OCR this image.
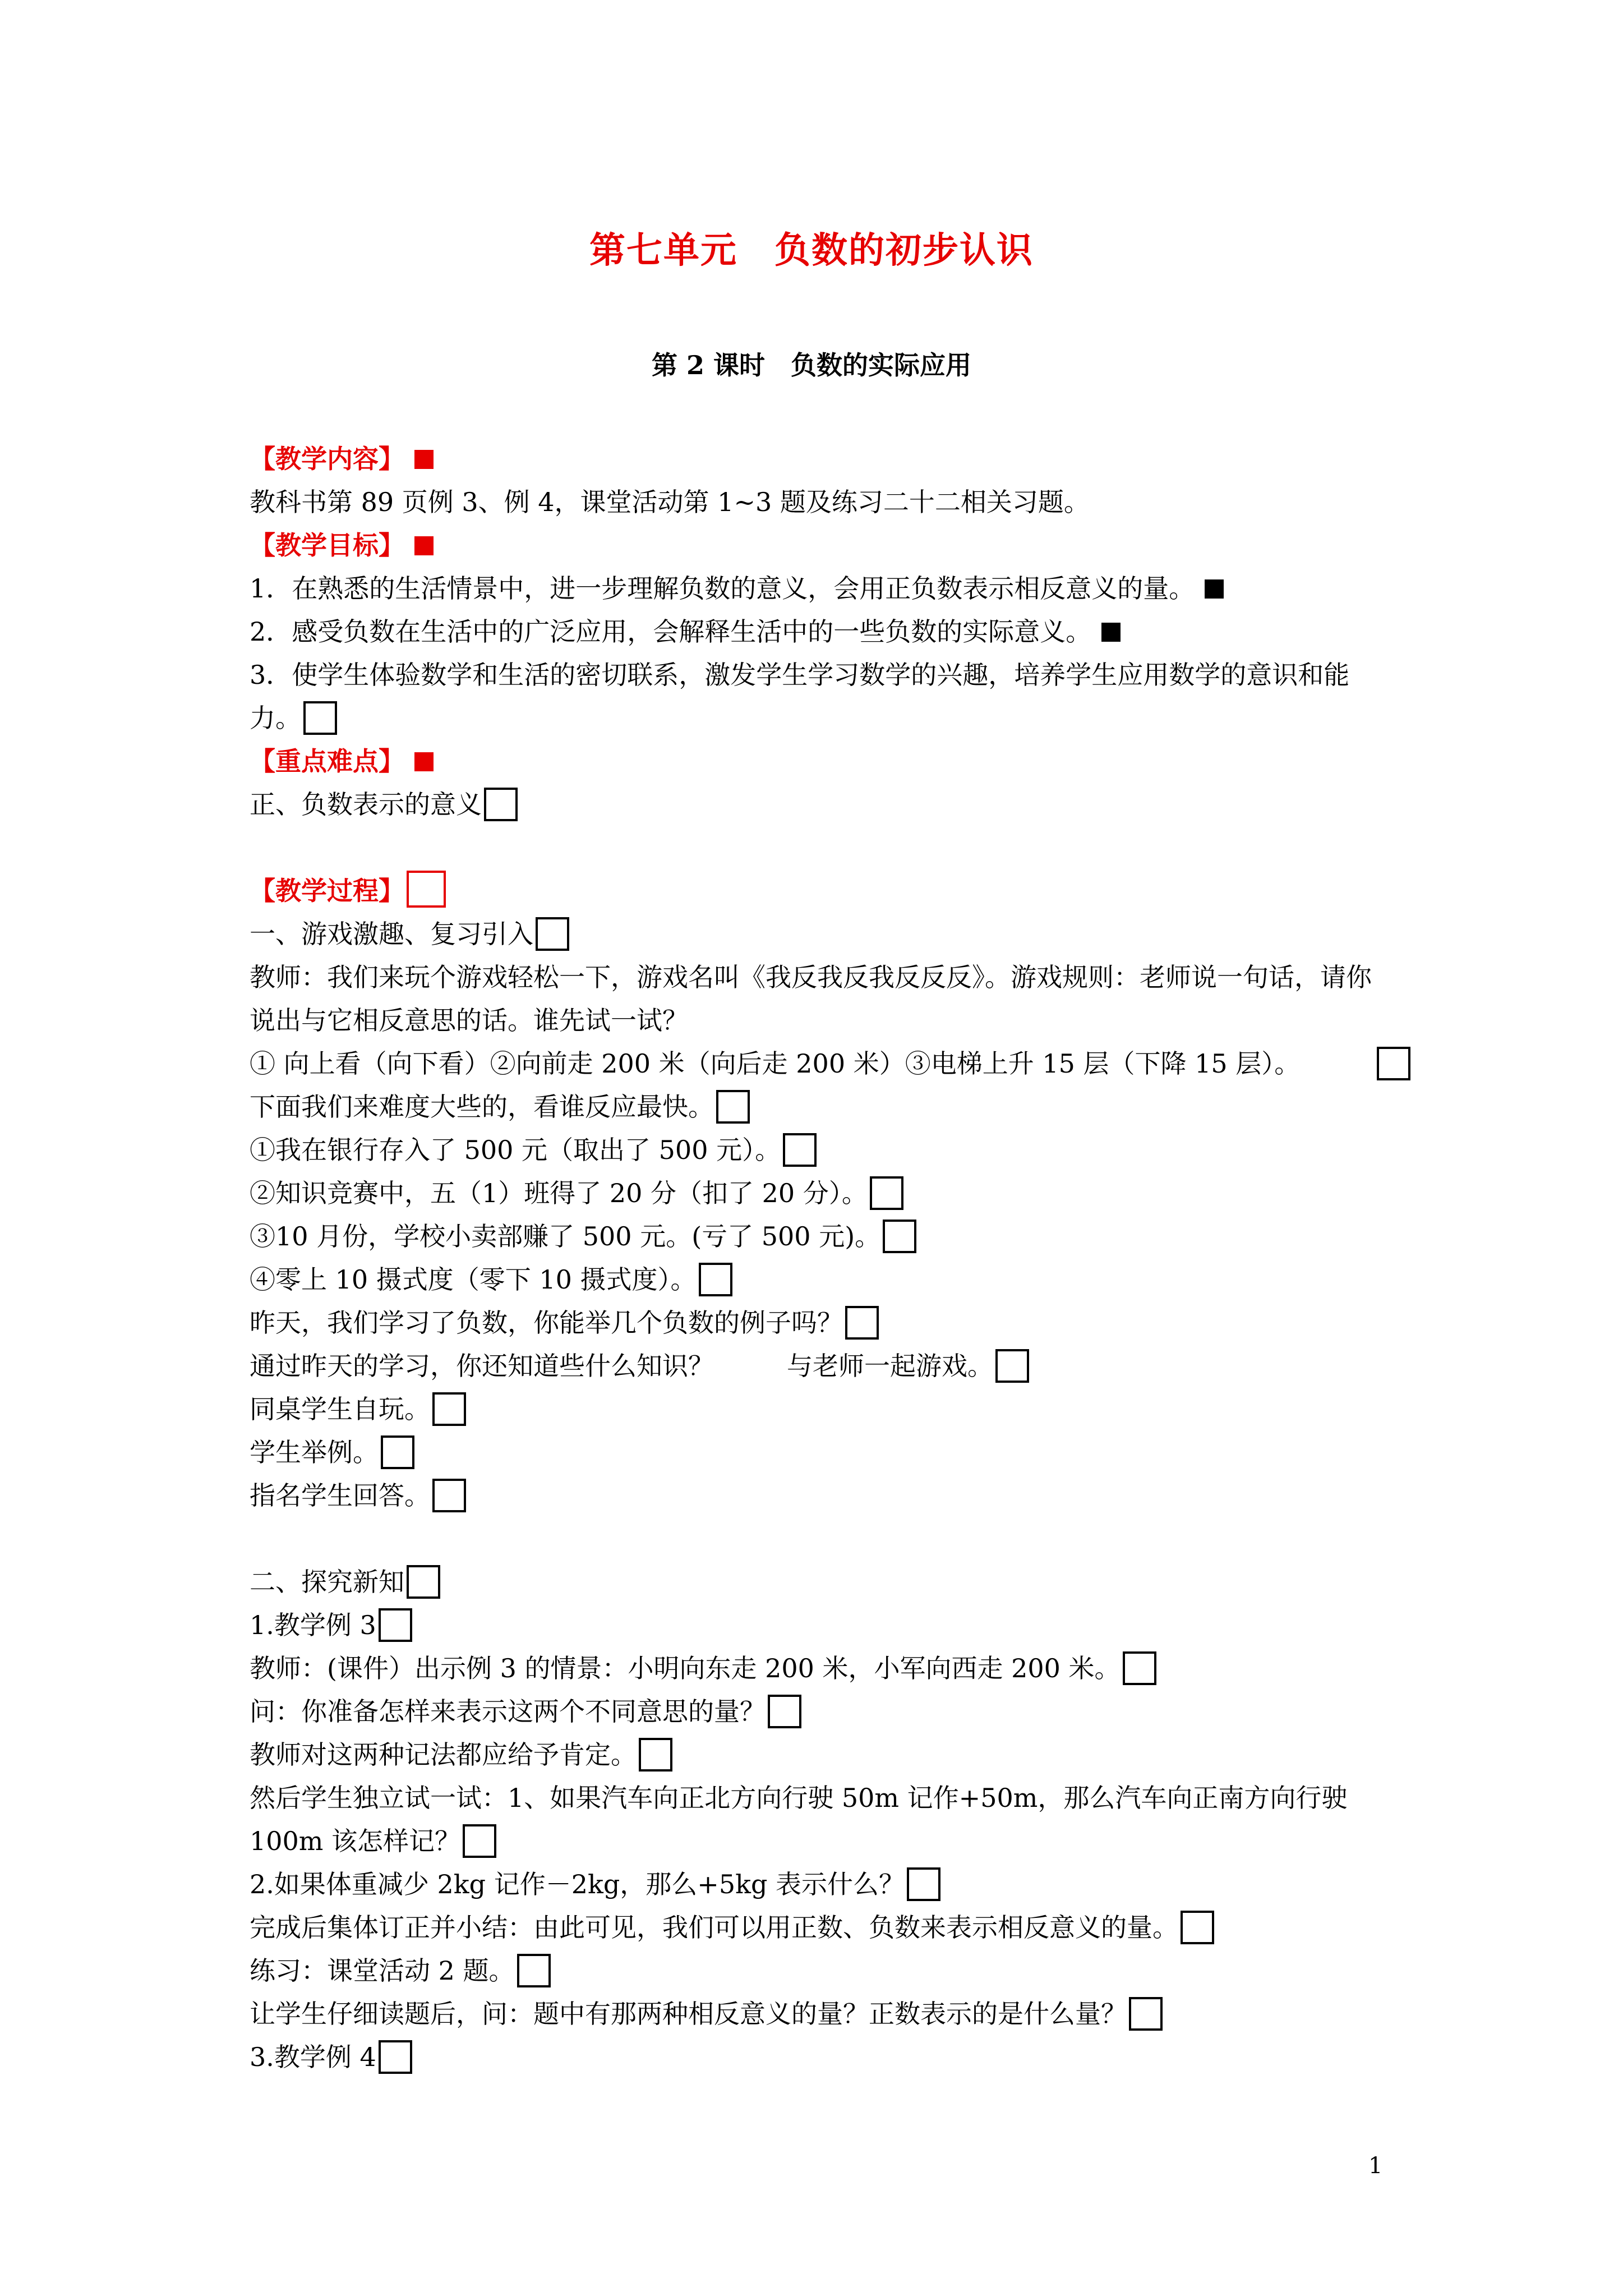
第七单元　负数的初步认识
第 2 课时　负数的实际应用
【教学内容】
教科书第 89 页例 3、例 4，课堂活动第 1~3 题及练习二十二相关习题。
【教学目标】
1．在熟悉的生活情景中，进一步理解负数的意义，会用正负数表示相反意义的量。
2．感受负数在生活中的广泛应用，会解释生活中的一些负数的实际意义。
3．使学生体验数学和生活的密切联系，激发学生学习数学的兴趣，培养学生应用数学的意识和能力。
【重点难点】
正、负数表示的意义
【教学过程】
一、游戏激趣、复习引入
教师：我们来玩个游戏轻松一下，游戏名叫《我反我反我反反反》。游戏规则：老师说一句话，请你说出与它相反意思的话。谁先试一试？
① 向上看（向下看）②向前走 200 米（向后走 200 米）③电梯上升 15 层（下降 15 层）。
下面我们来难度大些的，看谁反应最快。
①我在银行存入了 500 元（取出了 500 元）。
②知识竞赛中，五（1）班得了 20 分（扣了 20 分）。
③10 月份，学校小卖部赚了 500 元。(亏了 500 元)。
④零上 10 摄式度（零下 10 摄式度）。
昨天，我们学习了负数，你能举几个负数的例子吗？
通过昨天的学习，你还知道些什么知识？	与老师一起游戏。
同桌学生自玩。
学生举例。
指名学生回答。
二、探究新知
1.教学例 3
教师：(课件）出示例 3 的情景：小明向东走 200 米，小军向西走 200 米。
问：你准备怎样来表示这两个不同意思的量？
教师对这两种记法都应给予肯定。
然后学生独立试一试：1、如果汽车向正北方向行驶 50m 记作+50m，那么汽车向正南方向行驶 100m 该怎样记？
2.如果体重减少 2kg 记作－2kg，那么+5kg 表示什么？
完成后集体订正并小结：由此可见，我们可以用正数、负数来表示相反意义的量。
练习：课堂活动 2 题。
让学生仔细读题后，问：题中有那两种相反意义的量？正数表示的是什么量？
3.教学例 4
1
